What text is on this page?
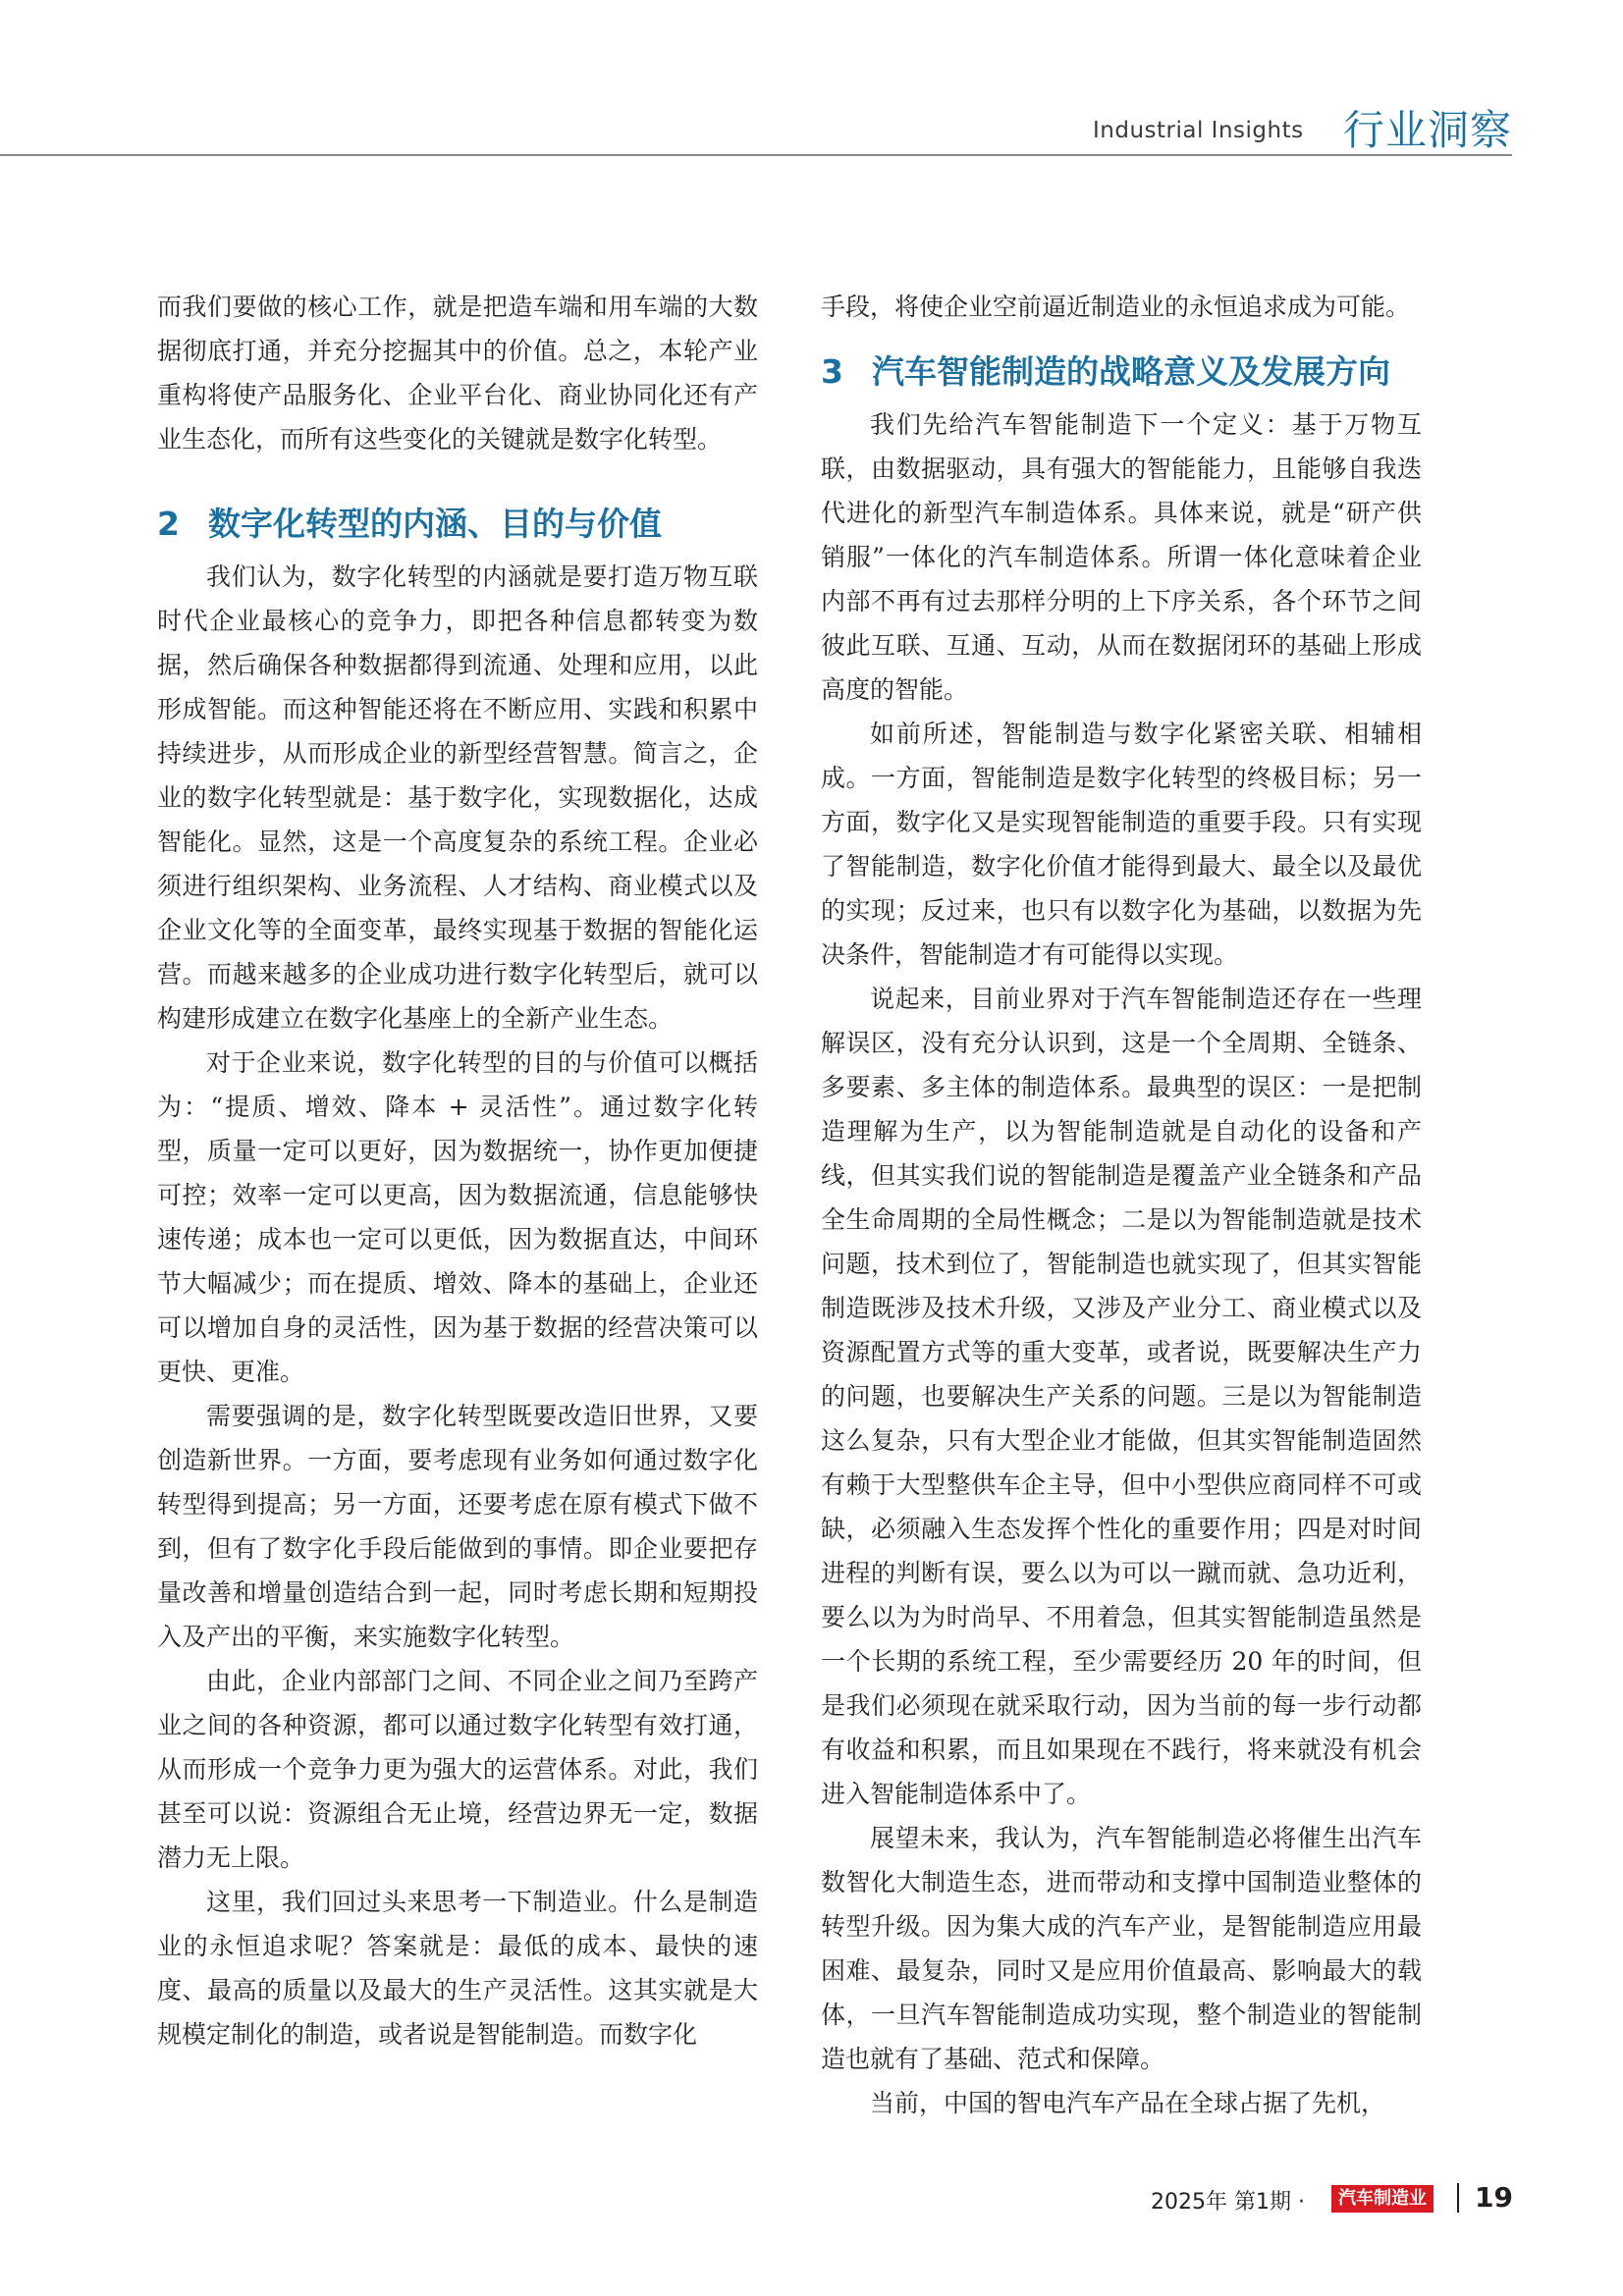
Industrial Insights 行业洞察

而我们要做的核心工作，就是把造车端和用车端的大数据彻底打通，并充分挖掘其中的价值。总之，本轮产业重构将使产品服务化、企业平台化、商业协同化还有产业生态化，而所有这些变化的关键就是数字化转型。

2 数字化转型的内涵、目的与价值

我们认为，数字化转型的内涵就是要打造万物互联时代企业最核心的竞争力，即把各种信息都转变为数据，然后确保各种数据都得到流通、处理和应用，以此形成智能。而这种智能还将在不断应用、实践和积累中持续进步，从而形成企业的新型经营智慧。简言之，企业的数字化转型就是：基于数字化，实现数据化，达成智能化。显然，这是一个高度复杂的系统工程。企业必须进行组织架构、业务流程、人才结构、商业模式以及企业文化等的全面变革，最终实现基于数据的智能化运营。而越来越多的企业成功进行数字化转型后，就可以构建形成建立在数字化基座上的全新产业生态。

对于企业来说，数字化转型的目的与价值可以概括为：“提质、增效、降本 + 灵活性”。通过数字化转型，质量一定可以更好，因为数据统一，协作更加便捷可控；效率一定可以更高，因为数据流通，信息能够快速传递；成本也一定可以更低，因为数据直达，中间环节大幅减少；而在提质、增效、降本的基础上，企业还可以增加自身的灵活性，因为基于数据的经营决策可以更快、更准。

需要强调的是，数字化转型既要改造旧世界，又要创造新世界。一方面，要考虑现有业务如何通过数字化转型得到提高；另一方面，还要考虑在原有模式下做不到，但有了数字化手段后能做到的事情。即企业要把存量改善和增量创造结合到一起，同时考虑长期和短期投入及产出的平衡，来实施数字化转型。

由此，企业内部部门之间、不同企业之间乃至跨产业之间的各种资源，都可以通过数字化转型有效打通，从而形成一个竞争力更为强大的运营体系。对此，我们甚至可以说：资源组合无止境，经营边界无一定，数据潜力无上限。

这里，我们回过头来思考一下制造业。什么是制造业的永恒追求呢？答案就是：最低的成本、最快的速度、最高的质量以及最大的生产灵活性。这其实就是大规模定制化的制造，或者说是智能制造。而数字化

手段，将使企业空前逼近制造业的永恒追求成为可能。

3 汽车智能制造的战略意义及发展方向

我们先给汽车智能制造下一个定义：基于万物互联，由数据驱动，具有强大的智能能力，且能够自我迭代进化的新型汽车制造体系。具体来说，就是“研产供销服”一体化的汽车制造体系。所谓一体化意味着企业内部不再有过去那样分明的上下序关系，各个环节之间彼此互联、互通、互动，从而在数据闭环的基础上形成高度的智能。

如前所述，智能制造与数字化紧密关联、相辅相成。一方面，智能制造是数字化转型的终极目标；另一方面，数字化又是实现智能制造的重要手段。只有实现了智能制造，数字化价值才能得到最大、最全以及最优的实现；反过来，也只有以数字化为基础，以数据为先决条件，智能制造才有可能得以实现。

说起来，目前业界对于汽车智能制造还存在一些理解误区，没有充分认识到，这是一个全周期、全链条、多要素、多主体的制造体系。最典型的误区：一是把制造理解为生产，以为智能制造就是自动化的设备和产线，但其实我们说的智能制造是覆盖产业全链条和产品全生命周期的全局性概念；二是以为智能制造就是技术问题，技术到位了，智能制造也就实现了，但其实智能制造既涉及技术升级，又涉及产业分工、商业模式以及资源配置方式等的重大变革，或者说，既要解决生产力的问题，也要解决生产关系的问题。三是以为智能制造这么复杂，只有大型企业才能做，但其实智能制造固然有赖于大型整供车企主导，但中小型供应商同样不可或缺，必须融入生态发挥个性化的重要作用；四是对时间进程的判断有误，要么以为可以一蹴而就、急功近利，要么以为为时尚早、不用着急，但其实智能制造虽然是一个长期的系统工程，至少需要经历 20 年的时间，但是我们必须现在就采取行动，因为当前的每一步行动都有收益和积累，而且如果现在不践行，将来就没有机会进入智能制造体系中了。

展望未来，我认为，汽车智能制造必将催生出汽车数智化大制造生态，进而带动和支撑中国制造业整体的转型升级。因为集大成的汽车产业，是智能制造应用最困难、最复杂，同时又是应用价值最高、影响最大的载体，一旦汽车智能制造成功实现，整个制造业的智能制造也就有了基础、范式和保障。

当前，中国的智电汽车产品在全球占据了先机，

2025年 第1期 ·	汽车制造业 19
